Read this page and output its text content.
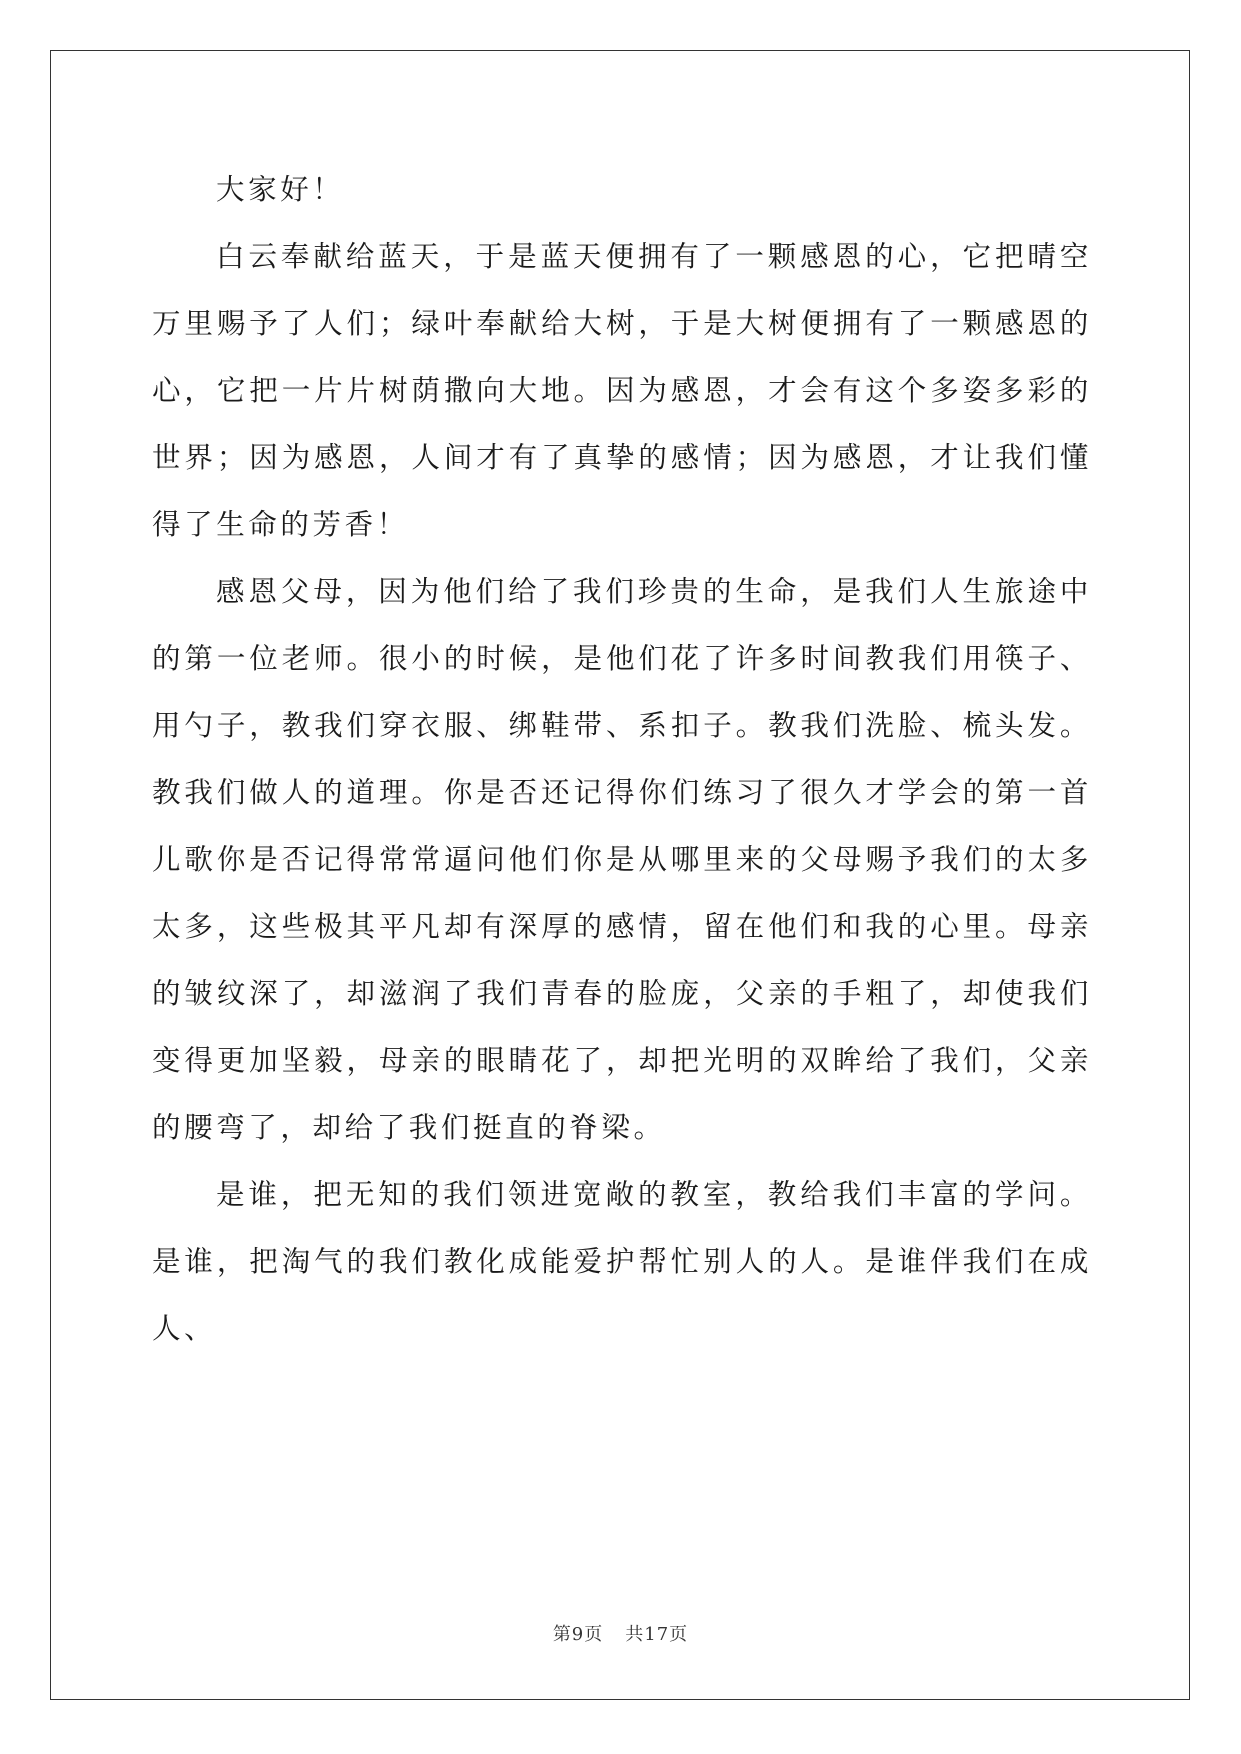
大家好！

白云奉献给蓝天，于是蓝天便拥有了一颗感恩的心，它把晴空万里赐予了人们；绿叶奉献给大树，于是大树便拥有了一颗感恩的心，它把一片片树荫撒向大地。因为感恩，才会有这个多姿多彩的世界；因为感恩，人间才有了真挚的感情；因为感恩，才让我们懂得了生命的芳香！

感恩父母，因为他们给了我们珍贵的生命，是我们人生旅途中的第一位老师。很小的时候，是他们花了许多时间教我们用筷子、用勺子，教我们穿衣服、绑鞋带、系扣子。教我们洗脸、梳头发。教我们做人的道理。你是否还记得你们练习了很久才学会的第一首儿歌你是否记得常常逼问他们你是从哪里来的父母赐予我们的太多太多，这些极其平凡却有深厚的感情，留在他们和我的心里。母亲的皱纹深了，却滋润了我们青春的脸庞，父亲的手粗了，却使我们变得更加坚毅，母亲的眼睛花了，却把光明的双眸给了我们，父亲的腰弯了，却给了我们挺直的脊梁。

是谁，把无知的我们领进宽敞的教室，教给我们丰富的学问。是谁，把淘气的我们教化成能爱护帮忙别人的人。是谁伴我们在成人、

第9页 共17页
